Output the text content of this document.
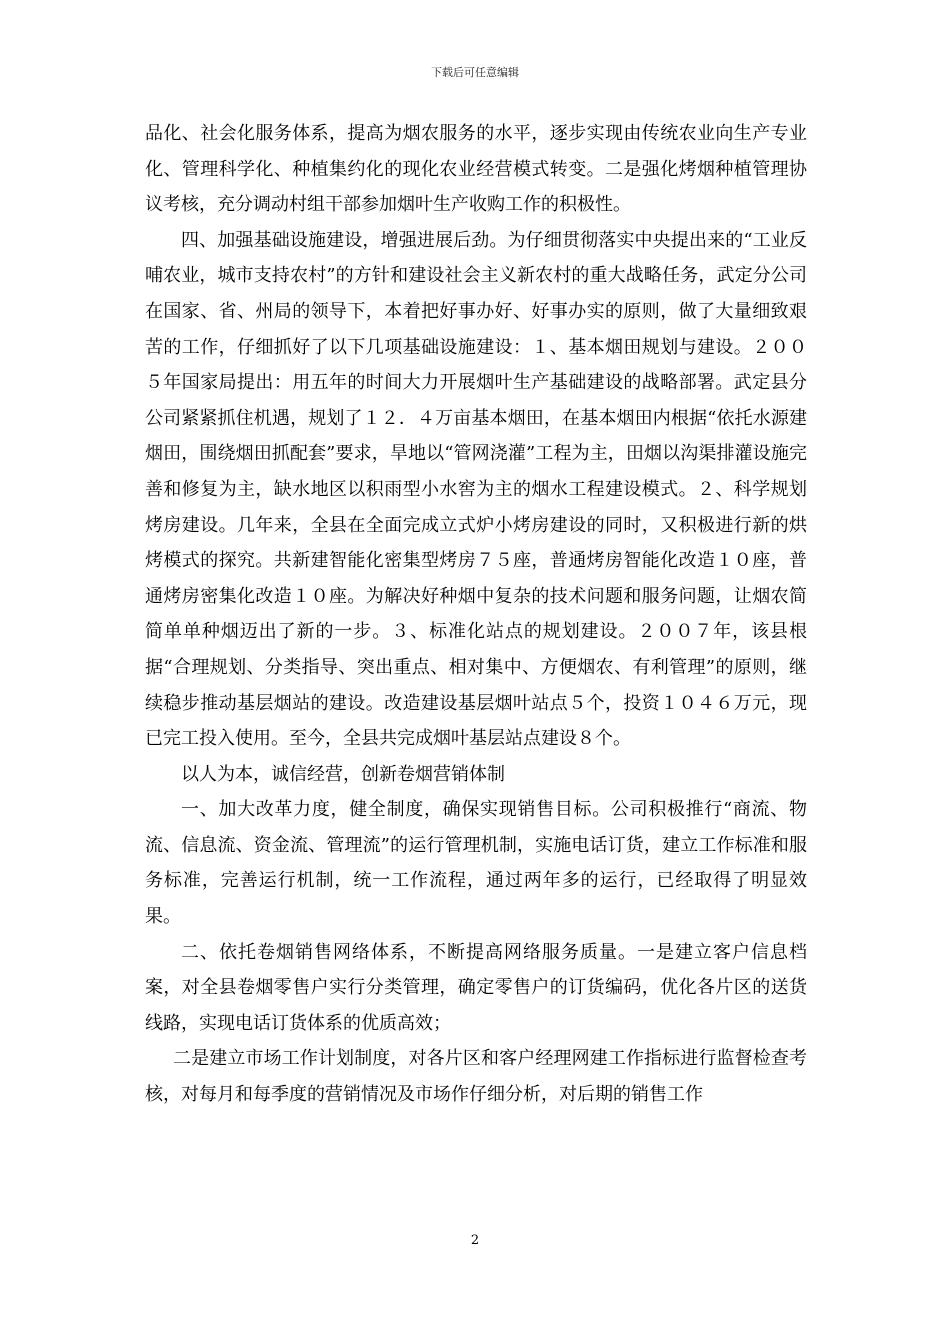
下载后可任意编辑

品化、社会化服务体系，提高为烟农服务的水平，逐步实现由传统农业向生产专业化、管理科学化、种植集约化的现化农业经营模式转变。二是强化烤烟种植管理协议考核，充分调动村组干部参加烟叶生产收购工作的积极性。

四、加强基础设施建设，增强进展后劲。为仔细贯彻落实中央提出来的“工业反哺农业，城市支持农村”的方针和建设社会主义新农村的重大战略任务，武定分公司在国家、省、州局的领导下，本着把好事办好、好事办实的原则，做了大量细致艰苦的工作，仔细抓好了以下几项基础设施建设：１、基本烟田规划与建设。２００５年国家局提出：用五年的时间大力开展烟叶生产基础建设的战略部署。武定县分公司紧紧抓住机遇，规划了１２．４万亩基本烟田，在基本烟田内根据“依托水源建烟田，围绕烟田抓配套”要求，旱地以“管网浇灌”工程为主，田烟以沟渠排灌设施完善和修复为主，缺水地区以积雨型小水窖为主的烟水工程建设模式。２、科学规划烤房建设。几年来，全县在全面完成立式炉小烤房建设的同时，又积极进行新的烘烤模式的探究。共新建智能化密集型烤房７５座，普通烤房智能化改造１０座，普通烤房密集化改造１０座。为解决好种烟中复杂的技术问题和服务问题，让烟农简简单单种烟迈出了新的一步。３、标准化站点的规划建设。２００７年，该县根据“合理规划、分类指导、突出重点、相对集中、方便烟农、有利管理”的原则，继续稳步推动基层烟站的建设。改造建设基层烟叶站点５个，投资１０４６万元，现已完工投入使用。至今，全县共完成烟叶基层站点建设８个。

以人为本，诚信经营，创新卷烟营销体制

一、加大改革力度，健全制度，确保实现销售目标。公司积极推行“商流、物流、信息流、资金流、管理流”的运行管理机制，实施电话订货，建立工作标准和服务标准，完善运行机制，统一工作流程，通过两年多的运行，已经取得了明显效果。

二、依托卷烟销售网络体系，不断提高网络服务质量。一是建立客户信息档案，对全县卷烟零售户实行分类管理，确定零售户的订货编码，优化各片区的送货线路，实现电话订货体系的优质高效；

二是建立市场工作计划制度，对各片区和客户经理网建工作指标进行监督检查考核，对每月和每季度的营销情况及市场作仔细分析，对后期的销售工作

2
